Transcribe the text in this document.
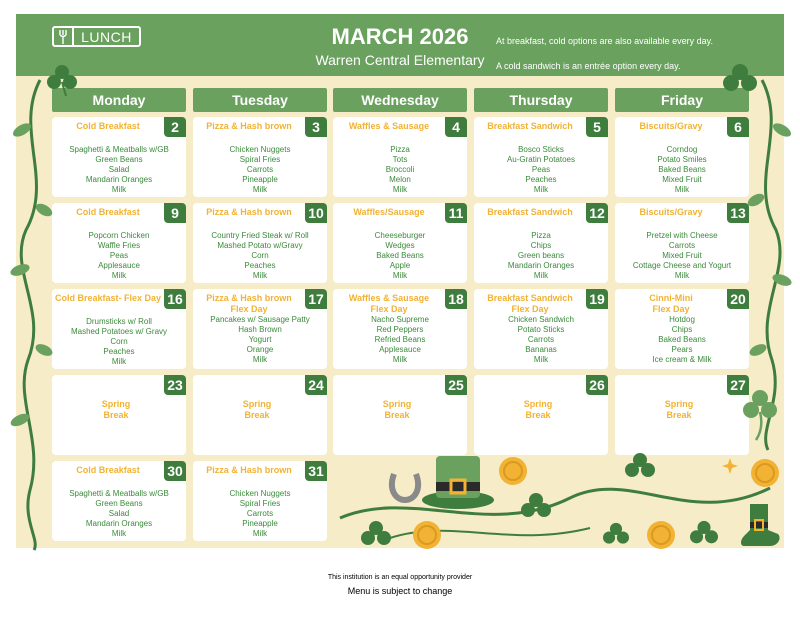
LUNCH	MARCH 2026
Warren Central Elementary
At breakfast, cold options are also available every day.
A cold sandwich is an entrée option every day.
Monday	Tuesday	Wednesday	Thursday	Friday
2
Cold Breakfast
Spaghetti & Meatballs w/GB
Green Beans
Salad
Mandarin Oranges
Milk
3
Pizza & Hash brown
Chicken Nuggets
Spiral Fries
Carrots
Pineapple
Milk
4
Waffles & Sausage
Pizza
Tots
Broccoli
Melon
Milk
5
Breakfast Sandwich
Bosco Sticks
Au-Gratin Potatoes
Peas
Peaches
Milk
6
Biscuits/Gravy
Corndog
Potato Smiles
Baked Beans
Mixed Fruit
Milk
9
Cold Breakfast
Popcorn Chicken
Waffle Fries
Peas
Applesauce
Milk
10
Pizza & Hash brown
Country Fried Steak w/ Roll
Mashed Potato w/Gravy
Corn
Peaches
Milk
11
Waffles/Sausage
Cheeseburger
Wedges
Baked Beans
Apple
Milk
12
Breakfast Sandwich
Pizza
Chips
Green beans
Mandarin Oranges
Milk
13
Biscuits/Gravy
Pretzel with Cheese
Carrots
Mixed Fruit
Cottage Cheese and Yogurt
Milk
16
Cold Breakfast- Flex Day
Drumsticks w/ Roll
Mashed Potatoes w/ Gravy
Corn
Peaches
Milk
17
Pizza & Hash brown
Flex Day
Pancakes w/ Sausage Patty
Hash Brown
Yogurt
Orange
Milk
18
Waffles & Sausage
Flex Day
Nacho Supreme
Red Peppers
Refried Beans
Applesauce
Milk
19
Breakfast Sandwich
Flex Day
Chicken Sandwich
Potato Sticks
Carrots
Bananas
Milk
20
Cinni-Mini
Flex Day
Hotdog
Chips
Baked Beans
Pears
Ice cream & Milk
23
Spring
Break
24
Spring
Break
25
Spring
Break
26
Spring
Break
27
Spring
Break
30
Cold Breakfast
Spaghetti & Meatballs w/GB
Green Beans
Salad
Mandarin Oranges
Milk
31
Pizza & Hash brown
Chicken Nuggets
Spiral Fries
Carrots
Pineapple
Milk
This institution is an equal opportunity provider
Menu is subject to change
